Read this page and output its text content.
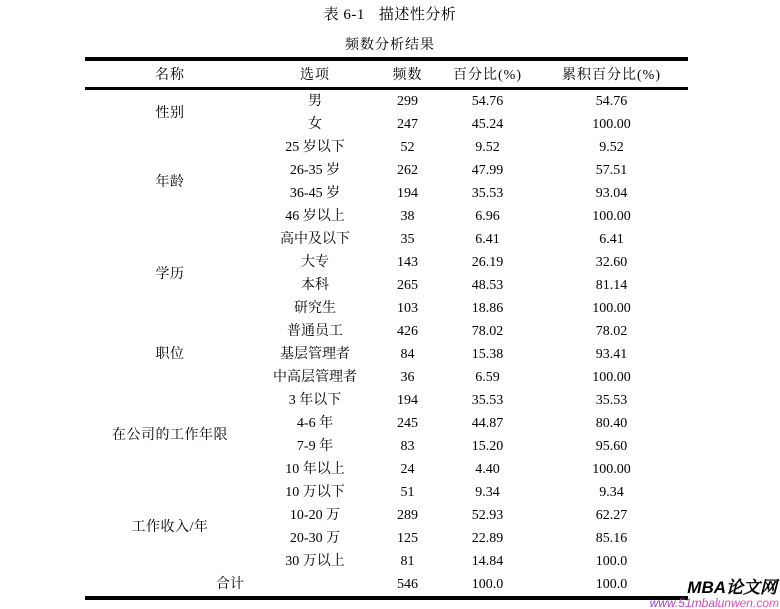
表 6-1 描述性分析
频数分析结果
名称	选项	频数	百分比(%)	累积百分比(%)
性别	男	299	54.76	54.76
	女	247	45.24	100.00
年龄	25 岁以下	52	9.52	9.52
	26-35 岁	262	47.99	57.51
	36-45 岁	194	35.53	93.04
	46 岁以上	38	6.96	100.00
学历	高中及以下	35	6.41	6.41
	大专	143	26.19	32.60
	本科	265	48.53	81.14
	研究生	103	18.86	100.00
职位	普通员工	426	78.02	78.02
	基层管理者	84	15.38	93.41
	中高层管理者	36	6.59	100.00
在公司的工作年限	3 年以下	194	35.53	35.53
	4-6 年	245	44.87	80.40
	7-9 年	83	15.20	95.60
	10 年以上	24	4.40	100.00
工作收入/年	10 万以下	51	9.34	9.34
	10-20 万	289	52.93	62.27
	20-30 万	125	22.89	85.16
	30 万以上	81	14.84	100.0
合计		546	100.0	100.0	MBA论文网
www.51mbalunwen.com
